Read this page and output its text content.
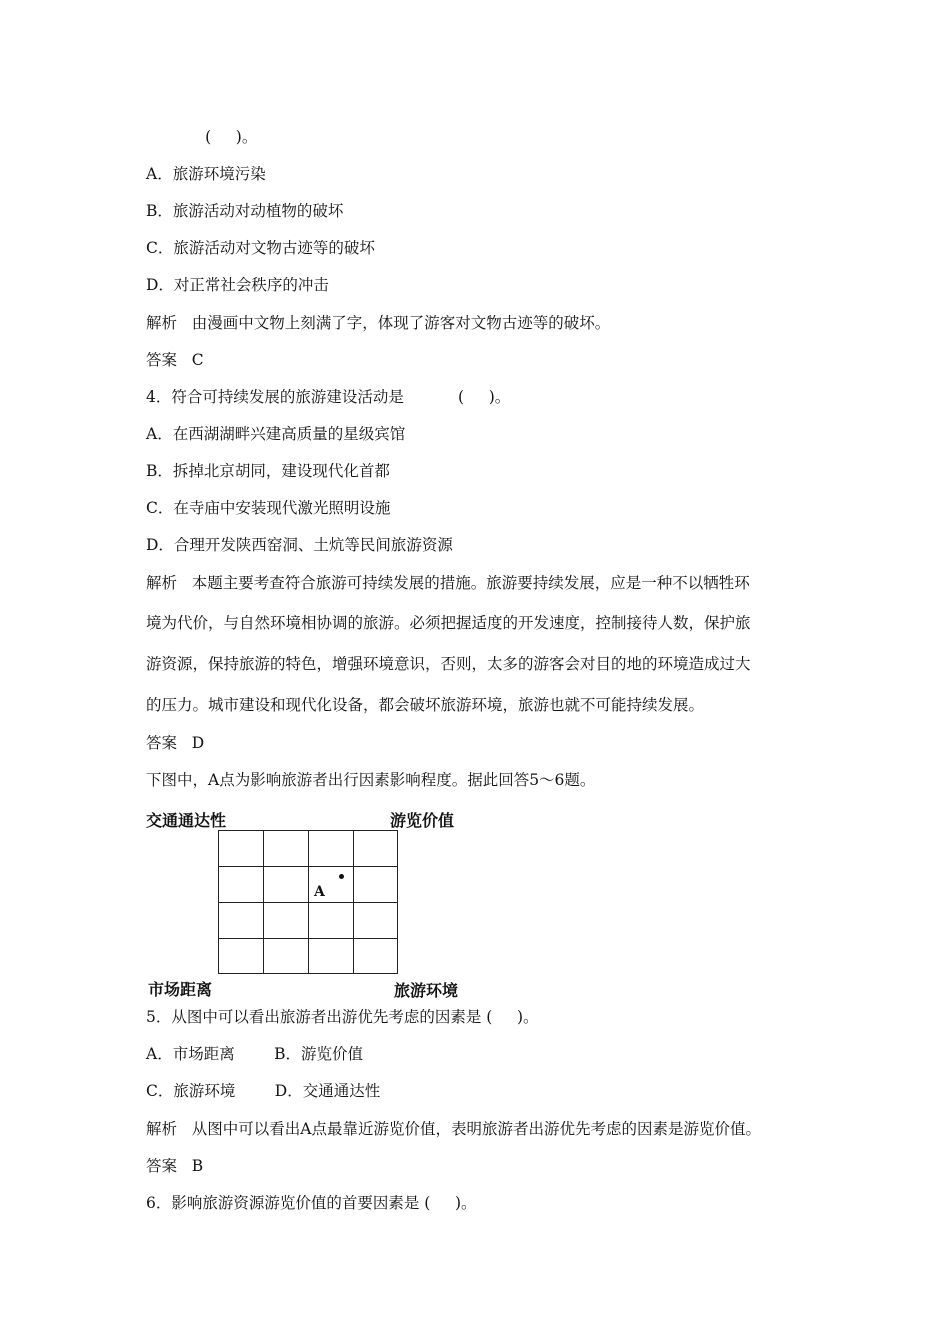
(     )。
A．旅游环境污染
B．旅游活动对动植物的破坏
C．旅游活动对文物古迹等的破坏
D．对正常社会秩序的冲击
解析   由漫画中文物上刻满了字，体现了游客对文物古迹等的破坏。
答案   C
4．符合可持续发展的旅游建设活动是           (     )。
A．在西湖湖畔兴建高质量的星级宾馆
B．拆掉北京胡同，建设现代化首都
C．在寺庙中安装现代激光照明设施
D．合理开发陕西窑洞、土炕等民间旅游资源
解析   本题主要考查符合旅游可持续发展的措施。旅游要持续发展，应是一种不以牺牲环
境为代价，与自然环境相协调的旅游。必须把握适度的开发速度，控制接待人数，保护旅
游资源，保持旅游的特色，增强环境意识，否则，太多的游客会对目的地的环境造成过大
的压力。城市建设和现代化设备，都会破坏旅游环境，旅游也就不可能持续发展。
答案   D
下图中，A点为影响旅游者出行因素影响程度。据此回答5～6题。
交通通达性	游览价值
A
市场距离	旅游环境
5．从图中可以看出旅游者出游优先考虑的因素是 (     )。
A．市场距离        B．游览价值
C．旅游环境        D．交通通达性
解析   从图中可以看出A点最靠近游览价值，表明旅游者出游优先考虑的因素是游览价值。
答案   B
6．影响旅游资源游览价值的首要因素是 (     )。
